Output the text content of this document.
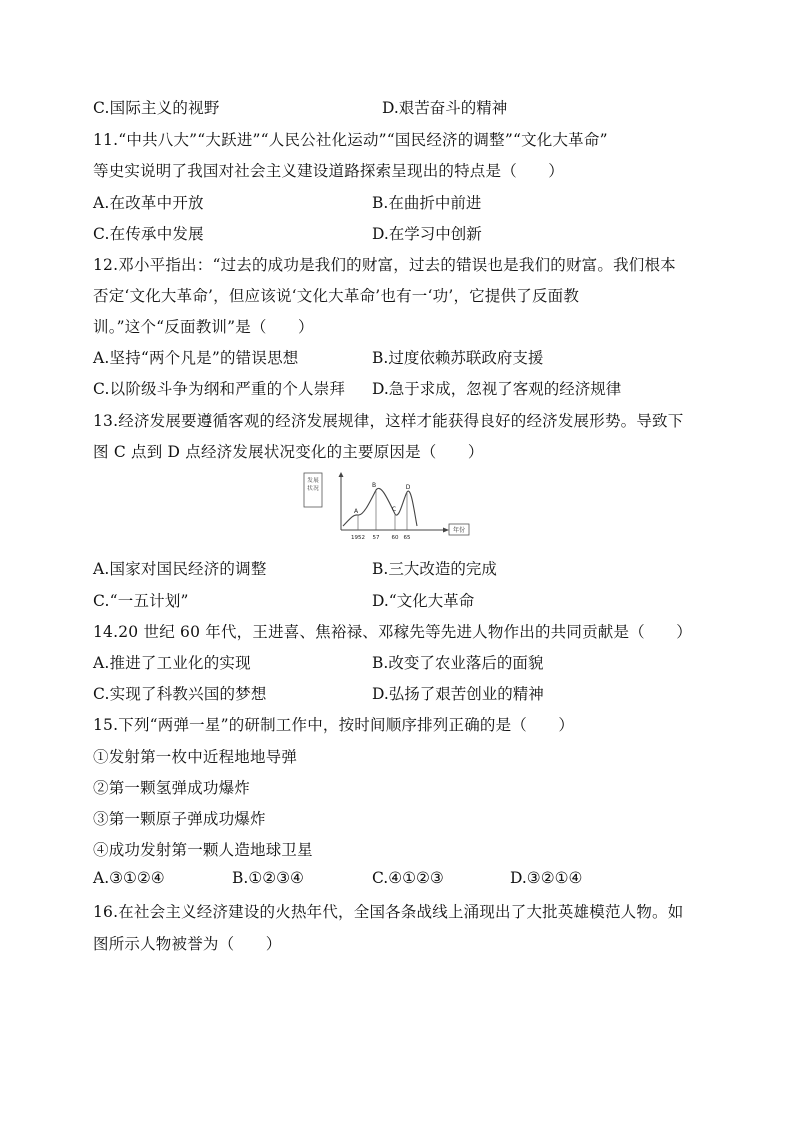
C.国际主义的视野	D.艰苦奋斗的精神
11.“中共八大”“大跃进”“人民公社化运动”“国民经济的调整”“文化大革命”
等史实说明了我国对社会主义建设道路探索呈现出的特点是（　　）
A.在改革中开放	B.在曲折中前进
C.在传承中发展	D.在学习中创新
12.邓小平指出：“过去的成功是我们的财富，过去的错误也是我们的财富。我们根本
否定‘文化大革命’，但应该说‘文化大革命’也有一‘功’，它提供了反面教
训。”这个“反面教训”是（　　）
A.坚持“两个凡是”的错误思想	B.过度依赖苏联政府支援
C.以阶级斗争为纲和严重的个人崇拜 D.急于求成，忽视了客观的经济规律
13.经济发展要遵循客观的经济发展规律，这样才能获得良好的经济发展形势。导致下
图 C 点到 D 点经济发展状况变化的主要原因是（　　）
发展状况
年份
A
1952
B
57
C
60
D
65
A.国家对国民经济的调整	B.三大改造的完成
C.“一五计划”	D.“文化大革命
14.20 世纪 60 年代，王进喜、焦裕禄、邓稼先等先进人物作出的共同贡献是（　　）
A.推进了工业化的实现	B.改变了农业落后的面貌
C.实现了科教兴国的梦想	D.弘扬了艰苦创业的精神
15.下列“两弹一星”的研制工作中，按时间顺序排列正确的是（　　）
①发射第一枚中近程地地导弹
②第一颗氢弹成功爆炸
③第一颗原子弹成功爆炸
④成功发射第一颗人造地球卫星
A.③①②④	B.①②③④	C.④①②③	D.③②①④
16.在社会主义经济建设的火热年代，全国各条战线上涌现出了大批英雄模范人物。如
图所示人物被誉为（　　）
